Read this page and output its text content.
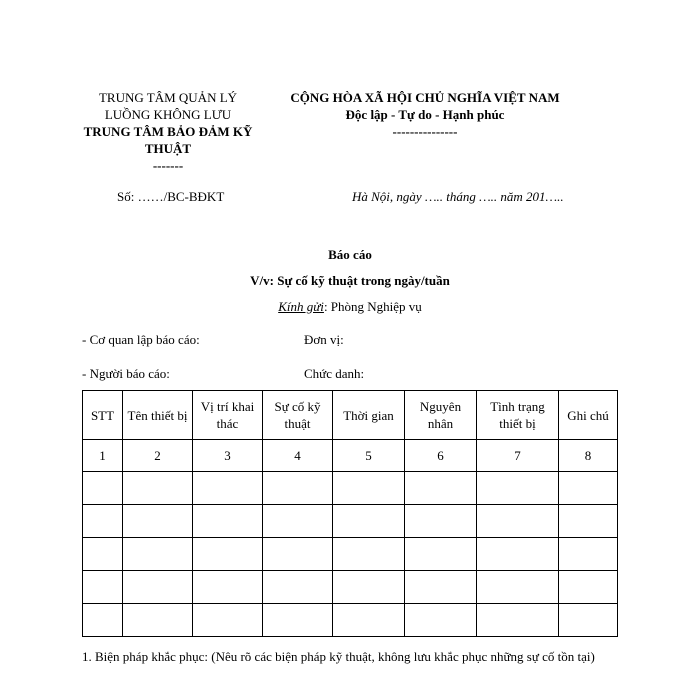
TRUNG TÂM QUẢN LÝ
LUỒNG KHÔNG LƯU
TRUNG TÂM BẢO ĐẢM KỸ
THUẬT
-------
CỘNG HÒA XÃ HỘI CHỦ NGHĨA VIỆT NAM
Độc lập - Tự do - Hạnh phúc
---------------
Số: ……/BC-BĐKT	Hà Nội, ngày ….. tháng ….. năm 201…..
Báo cáo
V/v: Sự cố kỹ thuật trong ngày/tuần
Kính gửi: Phòng Nghiệp vụ
- Cơ quan lập báo cáo:	Đơn vị:
- Người báo cáo:	Chức danh:
STT	Tên thiết bị	Vị trí khai thác	Sự cố kỹ thuật	Thời gian	Nguyên nhân	Tình trạng thiết bị	Ghi chú
1	2	3	4	5	6	7	8

1. Biện pháp khắc phục: (Nêu rõ các biện pháp kỹ thuật, không lưu khắc phục những sự cố tồn tại)
